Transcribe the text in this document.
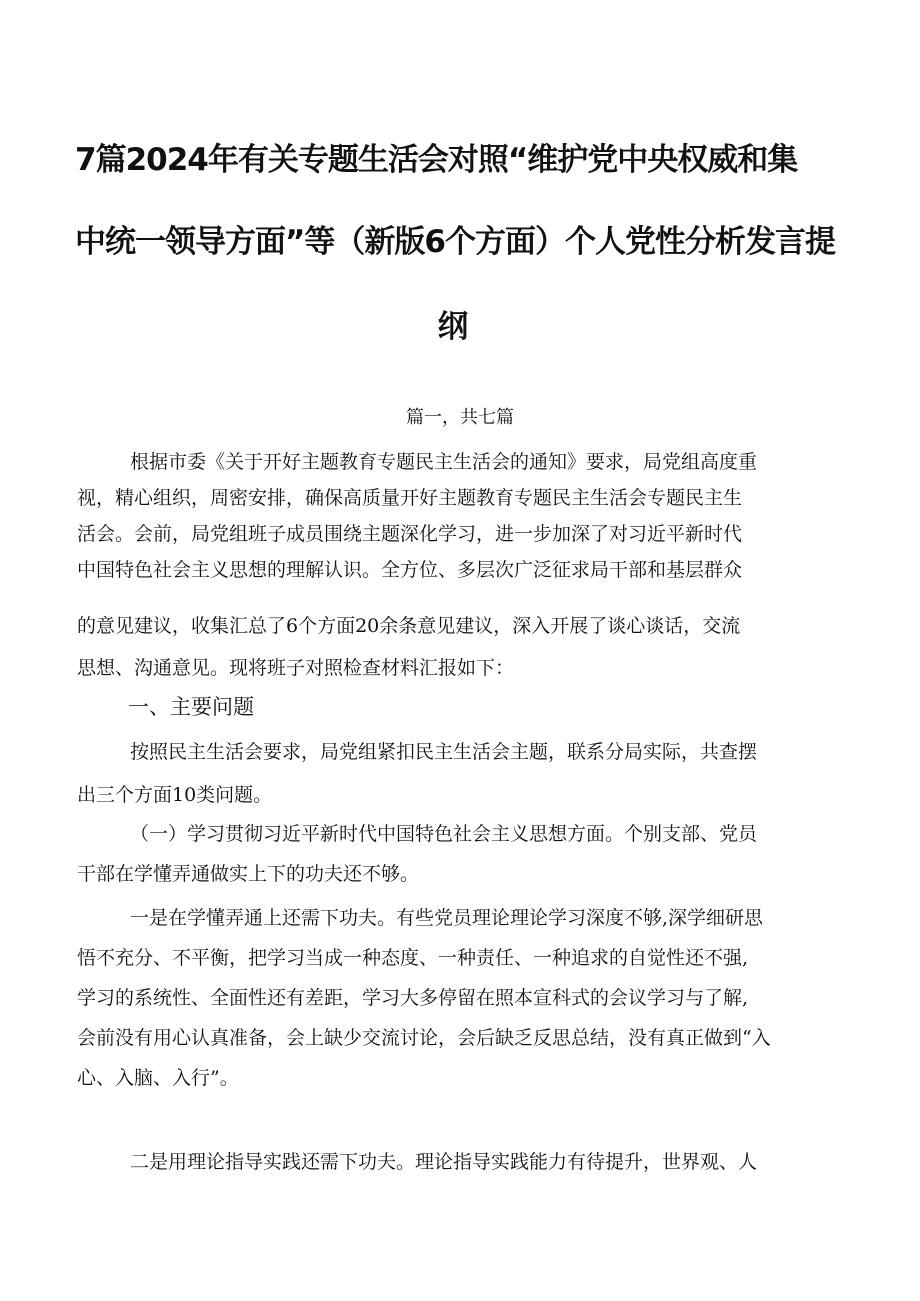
7篇2024年有关专题生活会对照“维护党中央权威和集
中统一领导方面”等（新版6个方面）个人党性分析发言提
纲
篇一，共七篇
根据市委《关于开好主题教育专题民主生活会的通知》要求，局党组高度重
视，精心组织，周密安排，确保高质量开好主题教育专题民主生活会专题民主生
活会。会前，局党组班子成员围绕主题深化学习，进一步加深了对习近平新时代
中国特色社会主义思想的理解认识。全方位、多层次广泛征求局干部和基层群众
的意见建议，收集汇总了6个方面20余条意见建议，深入开展了谈心谈话，交流
思想、沟通意见。现将班子对照检查材料汇报如下：
一、主要问题
按照民主生活会要求，局党组紧扣民主生活会主题，联系分局实际，共查摆
出三个方面10类问题。
（一）学习贯彻习近平新时代中国特色社会主义思想方面。个别支部、党员
干部在学懂弄通做实上下的功夫还不够。
一是在学懂弄通上还需下功夫。有些党员理论理论学习深度不够,深学细研思
悟不充分、不平衡，把学习当成一种态度、一种责任、一种追求的自觉性还不强,
学习的系统性、全面性还有差距，学习大多停留在照本宣科式的会议学习与了解,
会前没有用心认真准备，会上缺少交流讨论，会后缺乏反思总结，没有真正做到“入
心、入脑、入行”。
二是用理论指导实践还需下功夫。理论指导实践能力有待提升，世界观、人
